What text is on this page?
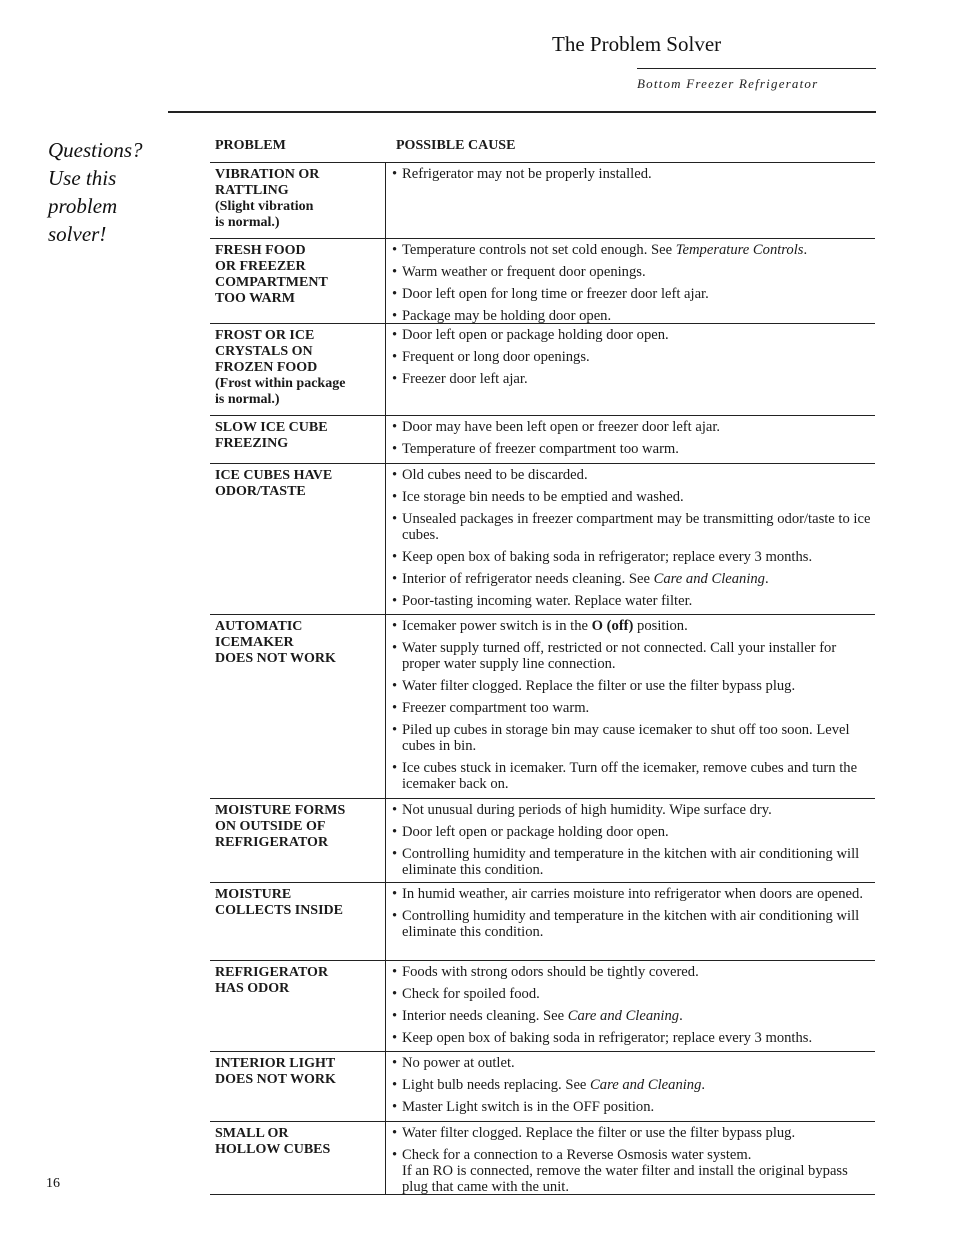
The Problem Solver
Bottom Freezer Refrigerator
Questions?
Use this
problem
solver!
PROBLEM	POSSIBLE CAUSE
VIBRATION OR
RATTLING
(Slight vibration
is normal.)
• Refrigerator may not be properly installed.
FRESH FOOD
OR FREEZER
COMPARTMENT
TOO WARM
• Temperature controls not set cold enough. See Temperature Controls.
• Warm weather or frequent door openings.
• Door left open for long time or freezer door left ajar.
• Package may be holding door open.
FROST OR ICE
CRYSTALS ON
FROZEN FOOD
(Frost within package
is normal.)
• Door left open or package holding door open.
• Frequent or long door openings.
• Freezer door left ajar.
SLOW ICE CUBE
FREEZING
• Door may have been left open or freezer door left ajar.
• Temperature of freezer compartment too warm.
ICE CUBES HAVE
ODOR/TASTE
• Old cubes need to be discarded.
• Ice storage bin needs to be emptied and washed.
• Unsealed packages in freezer compartment may be transmitting odor/taste to ice cubes.
• Keep open box of baking soda in refrigerator; replace every 3 months.
• Interior of refrigerator needs cleaning. See Care and Cleaning.
• Poor-tasting incoming water. Replace water filter.
AUTOMATIC
ICEMAKER
DOES NOT WORK
• Icemaker power switch is in the O (off) position.
• Water supply turned off, restricted or not connected. Call your installer for proper water supply line connection.
• Water filter clogged. Replace the filter or use the filter bypass plug.
• Freezer compartment too warm.
• Piled up cubes in storage bin may cause icemaker to shut off too soon. Level cubes in bin.
• Ice cubes stuck in icemaker. Turn off the icemaker, remove cubes and turn the icemaker back on.
MOISTURE FORMS
ON OUTSIDE OF
REFRIGERATOR
• Not unusual during periods of high humidity. Wipe surface dry.
• Door left open or package holding door open.
• Controlling humidity and temperature in the kitchen with air conditioning will eliminate this condition.
MOISTURE
COLLECTS INSIDE
• In humid weather, air carries moisture into refrigerator when doors are opened.
• Controlling humidity and temperature in the kitchen with air conditioning will eliminate this condition.
REFRIGERATOR
HAS ODOR
• Foods with strong odors should be tightly covered.
• Check for spoiled food.
• Interior needs cleaning. See Care and Cleaning.
• Keep open box of baking soda in refrigerator; replace every 3 months.
INTERIOR LIGHT
DOES NOT WORK
• No power at outlet.
• Light bulb needs replacing. See Care and Cleaning.
• Master Light switch is in the OFF position.
SMALL OR
HOLLOW CUBES
• Water filter clogged. Replace the filter or use the filter bypass plug.
• Check for a connection to a Reverse Osmosis water system.
If an RO is connected, remove the water filter and install the original bypass plug that came with the unit.
16
